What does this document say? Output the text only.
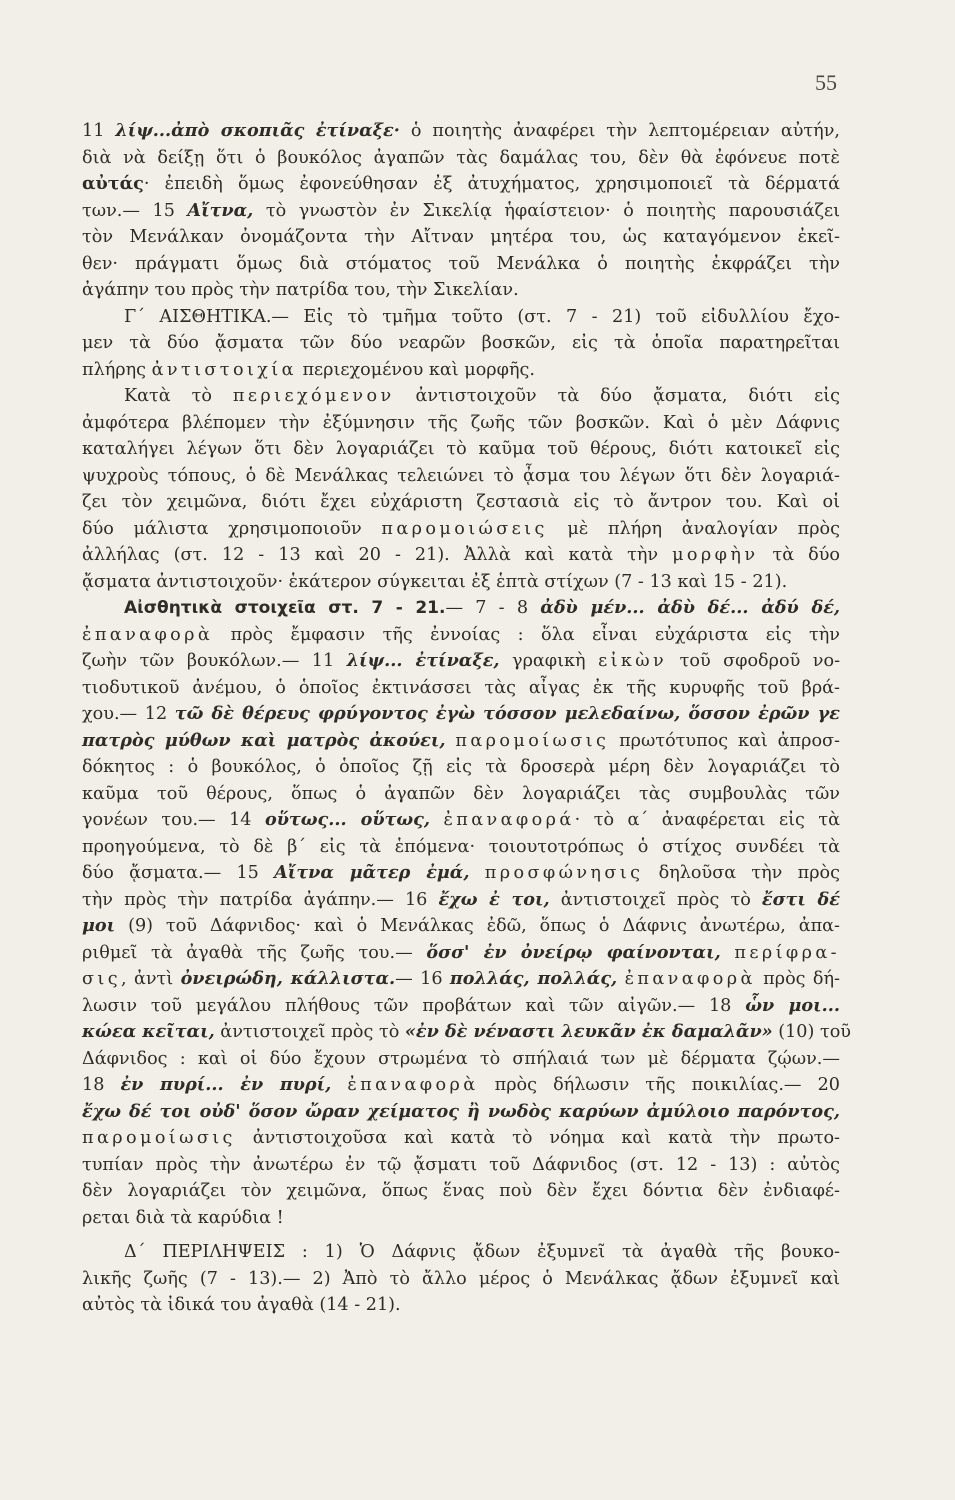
55
11 λίψ...ἀπὸ σκοπιᾶς ἐτίναξε· ὁ ποιητὴς ἀναφέρει τὴν λεπτομέρειαν αὐτήν,
διὰ νὰ δείξῃ ὅτι ὁ βουκόλος ἀγαπῶν τὰς δαμάλας του, δὲν θὰ ἐφόνευε ποτὲ
αὐτάς· ἐπειδὴ ὅμως ἐφονεύθησαν ἐξ ἀτυχήματος, χρησιμοποιεῖ τὰ δέρματά
των.— 15 Αἴτνα, τὸ γνωστὸν ἐν Σικελίᾳ ἡφαίστειον· ὁ ποιητὴς παρουσιάζει
τὸν Μενάλκαν ὀνομάζοντα τὴν Αἴτναν μητέρα του, ὡς καταγόμενον ἐκεῖ-
θεν· πράγματι ὅμως διὰ στόματος τοῦ Μενάλκα ὁ ποιητὴς ἐκφράζει τὴν
ἀγάπην του πρὸς τὴν πατρίδα του, τὴν Σικελίαν.
Γ΄ ΑΙΣΘΗΤΙΚΑ.— Εἰς τὸ τμῆμα τοῦτο (στ. 7 - 21) τοῦ εἰδυλλίου ἔχο-
μεν τὰ δύο ᾄσματα τῶν δύο νεαρῶν βοσκῶν, εἰς τὰ ὁποῖα παρατηρεῖται
πλήρης ἀντιστοιχία περιεχομένου καὶ μορφῆς.
Κατὰ τὸ περιεχόμενον ἀντιστοιχοῦν τὰ δύο ᾄσματα, διότι εἰς
ἀμφότερα βλέπομεν τὴν ἐξύμνησιν τῆς ζωῆς τῶν βοσκῶν. Καὶ ὁ μὲν Δάφνις
καταλήγει λέγων ὅτι δὲν λογαριάζει τὸ καῦμα τοῦ θέρους, διότι κατοικεῖ εἰς
ψυχροὺς τόπους, ὁ δὲ Μενάλκας τελειώνει τὸ ᾆσμα του λέγων ὅτι δὲν λογαριά-
ζει τὸν χειμῶνα, διότι ἔχει εὐχάριστη ζεστασιὰ εἰς τὸ ἄντρον του. Καὶ οἱ
δύο μάλιστα χρησιμοποιοῦν παρομοιώσεις μὲ πλήρη ἀναλογίαν πρὸς
ἀλλήλας (στ. 12 - 13 καὶ 20 - 21). Ἀλλὰ καὶ κατὰ τὴν μορφὴν τὰ δύο
ᾄσματα ἀντιστοιχοῦν· ἑκάτερον σύγκειται ἐξ ἑπτὰ στίχων (7 - 13 καὶ 15 - 21).
Αἰσθητικὰ στοιχεῖα στ. 7 - 21.— 7 - 8 ἀδὺ μέν... ἀδὺ δέ... ἀδύ δέ,
ἐπαναφορὰ πρὸς ἔμφασιν τῆς ἐννοίας : ὅλα εἶναι εὐχάριστα εἰς τὴν
ζωὴν τῶν βουκόλων.— 11 λίψ... ἐτίναξε, γραφικὴ εἰκὼν τοῦ σφοδροῦ νο-
τιοδυτικοῦ ἀνέμου, ὁ ὁποῖος ἐκτινάσσει τὰς αἶγας ἐκ τῆς κυρυφῆς τοῦ βρά-
χου.— 12 τῶ δὲ θέρευς φρύγοντος ἐγὼ τόσσον μελεδαίνω, ὅσσον ἐρῶν γε
πατρὸς μύθων καὶ ματρὸς ἀκούει, παρομοίωσις πρωτότυπος καὶ ἀπροσ-
δόκητος : ὁ βουκόλος, ὁ ὁποῖος ζῇ εἰς τὰ δροσερὰ μέρη δὲν λογαριάζει τὸ
καῦμα τοῦ θέρους, ὅπως ὁ ἀγαπῶν δὲν λογαριάζει τὰς συμβουλὰς τῶν
γονέων του.— 14 οὕτως... οὕτως, ἐπαναφορά· τὸ α΄ ἀναφέρεται εἰς τὰ
προηγούμενα, τὸ δὲ β΄ εἰς τὰ ἑπόμενα· τοιουτοτρόπως ὁ στίχος συνδέει τὰ
δύο ᾄσματα.— 15 Αἴτνα μᾶτερ ἐμά, προσφώνησις δηλοῦσα τὴν πρὸς
τὴν πρὸς τὴν πατρίδα ἀγάπην.— 16 ἔχω ἐ τοι, ἀντιστοιχεῖ πρὸς τὸ ἔστι δέ
μοι (9) τοῦ Δάφνιδος· καὶ ὁ Μενάλκας ἐδῶ, ὅπως ὁ Δάφνις ἀνωτέρω, ἀπα-
ριθμεῖ τὰ ἀγαθὰ τῆς ζωῆς του.— ὅσσ' ἐν ὀνείρῳ φαίνονται, περίφρα-
σις, ἀντὶ ὀνειρώδη, κάλλιστα.— 16 πολλάς, πολλάς, ἐπαναφορὰ πρὸς δή-
λωσιν τοῦ μεγάλου πλήθους τῶν προβάτων καὶ τῶν αἰγῶν.— 18 ὧν μοι...
κώεα κεῖται, ἀντιστοιχεῖ πρὸς τὸ «ἐν δὲ νέναστι λευκᾶν ἐκ δαμαλᾶν» (10) τοῦ
Δάφνιδος : καὶ οἱ δύο ἔχουν στρωμένα τὸ σπήλαιά των μὲ δέρματα ζῴων.—
18 ἐν πυρί... ἐν πυρί, ἐπαναφορὰ πρὸς δήλωσιν τῆς ποικιλίας.— 20
ἔχω δέ τοι οὐδ' ὅσον ὤραν χείματος ἢ νωδὸς καρύων ἀμύλοιο παρόντος,
παρομοίωσις ἀντιστοιχοῦσα καὶ κατὰ τὸ νόημα καὶ κατὰ τὴν πρωτο-
τυπίαν πρὸς τὴν ἀνωτέρω ἐν τῷ ᾄσματι τοῦ Δάφνιδος (στ. 12 - 13) : αὐτὸς
δὲν λογαριάζει τὸν χειμῶνα, ὅπως ἕνας ποὺ δὲν ἔχει δόντια δὲν ἐνδιαφέ-
ρεται διὰ τὰ καρύδια !
Δ΄ ΠΕΡΙΛΗΨΕΙΣ : 1) Ὁ Δάφνις ᾄδων ἐξυμνεῖ τὰ ἀγαθὰ τῆς βουκο-
λικῆς ζωῆς (7 - 13).— 2) Ἀπὸ τὸ ἄλλο μέρος ὁ Μενάλκας ᾄδων ἐξυμνεῖ καὶ
αὐτὸς τὰ ἰδικά του ἀγαθὰ (14 - 21).
